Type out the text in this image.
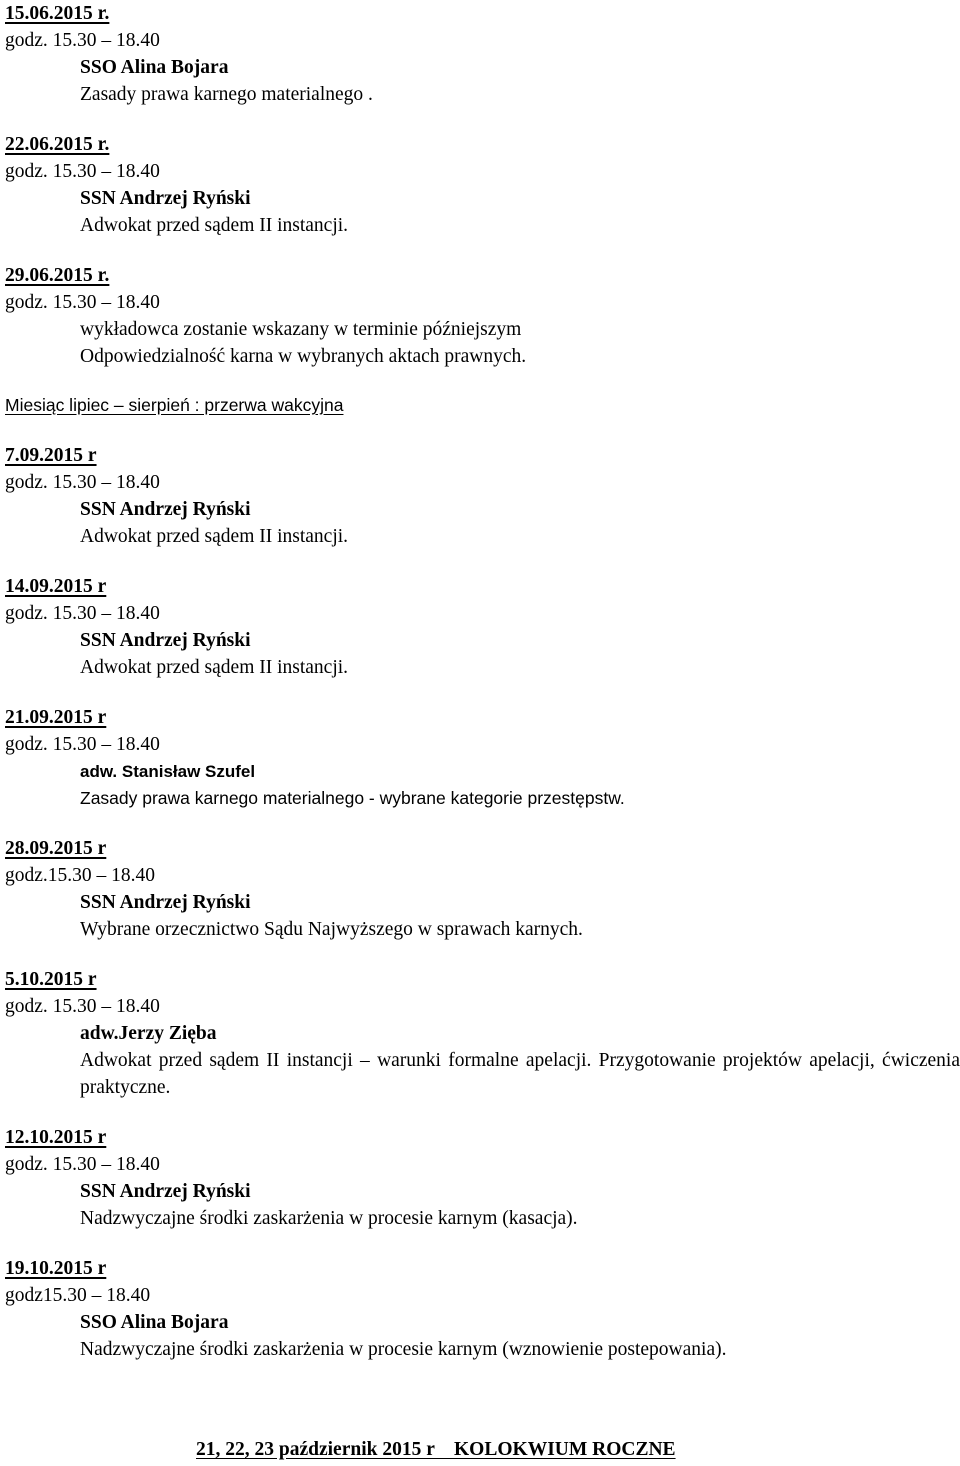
15.06.2015 r.
godz. 15.30 – 18.40
SSO Alina Bojara
Zasady prawa karnego materialnego .
22.06.2015 r.
godz. 15.30 – 18.40
SSN Andrzej Ryński
Adwokat przed sądem II instancji.
29.06.2015 r.
godz. 15.30 – 18.40
wykładowca zostanie wskazany w terminie późniejszym
Odpowiedzialność karna w wybranych aktach prawnych.
Miesiąc lipiec – sierpień : przerwa wakcyjna
7.09.2015 r
godz. 15.30 – 18.40
SSN Andrzej Ryński
Adwokat przed sądem II instancji.
14.09.2015 r
godz. 15.30 – 18.40
SSN Andrzej Ryński
Adwokat przed sądem II instancji.
21.09.2015 r
godz. 15.30 – 18.40
adw. Stanisław Szufel
Zasady prawa karnego materialnego - wybrane kategorie przestępstw.
28.09.2015 r
godz.15.30 – 18.40
SSN Andrzej Ryński
Wybrane orzecznictwo Sądu Najwyższego w sprawach karnych.
5.10.2015 r
godz. 15.30 – 18.40
adw.Jerzy Zięba
Adwokat przed sądem II instancji – warunki formalne apelacji. Przygotowanie projektów apelacji, ćwiczenia praktyczne.
12.10.2015 r
godz. 15.30 – 18.40
SSN Andrzej Ryński
Nadzwyczajne środki zaskarżenia w procesie karnym (kasacja).
19.10.2015 r
godz15.30 – 18.40
SSO Alina Bojara
Nadzwyczajne środki zaskarżenia w procesie karnym (wznowienie postepowania).
21, 22, 23 październik 2015 r    KOLOKWIUM ROCZNE
